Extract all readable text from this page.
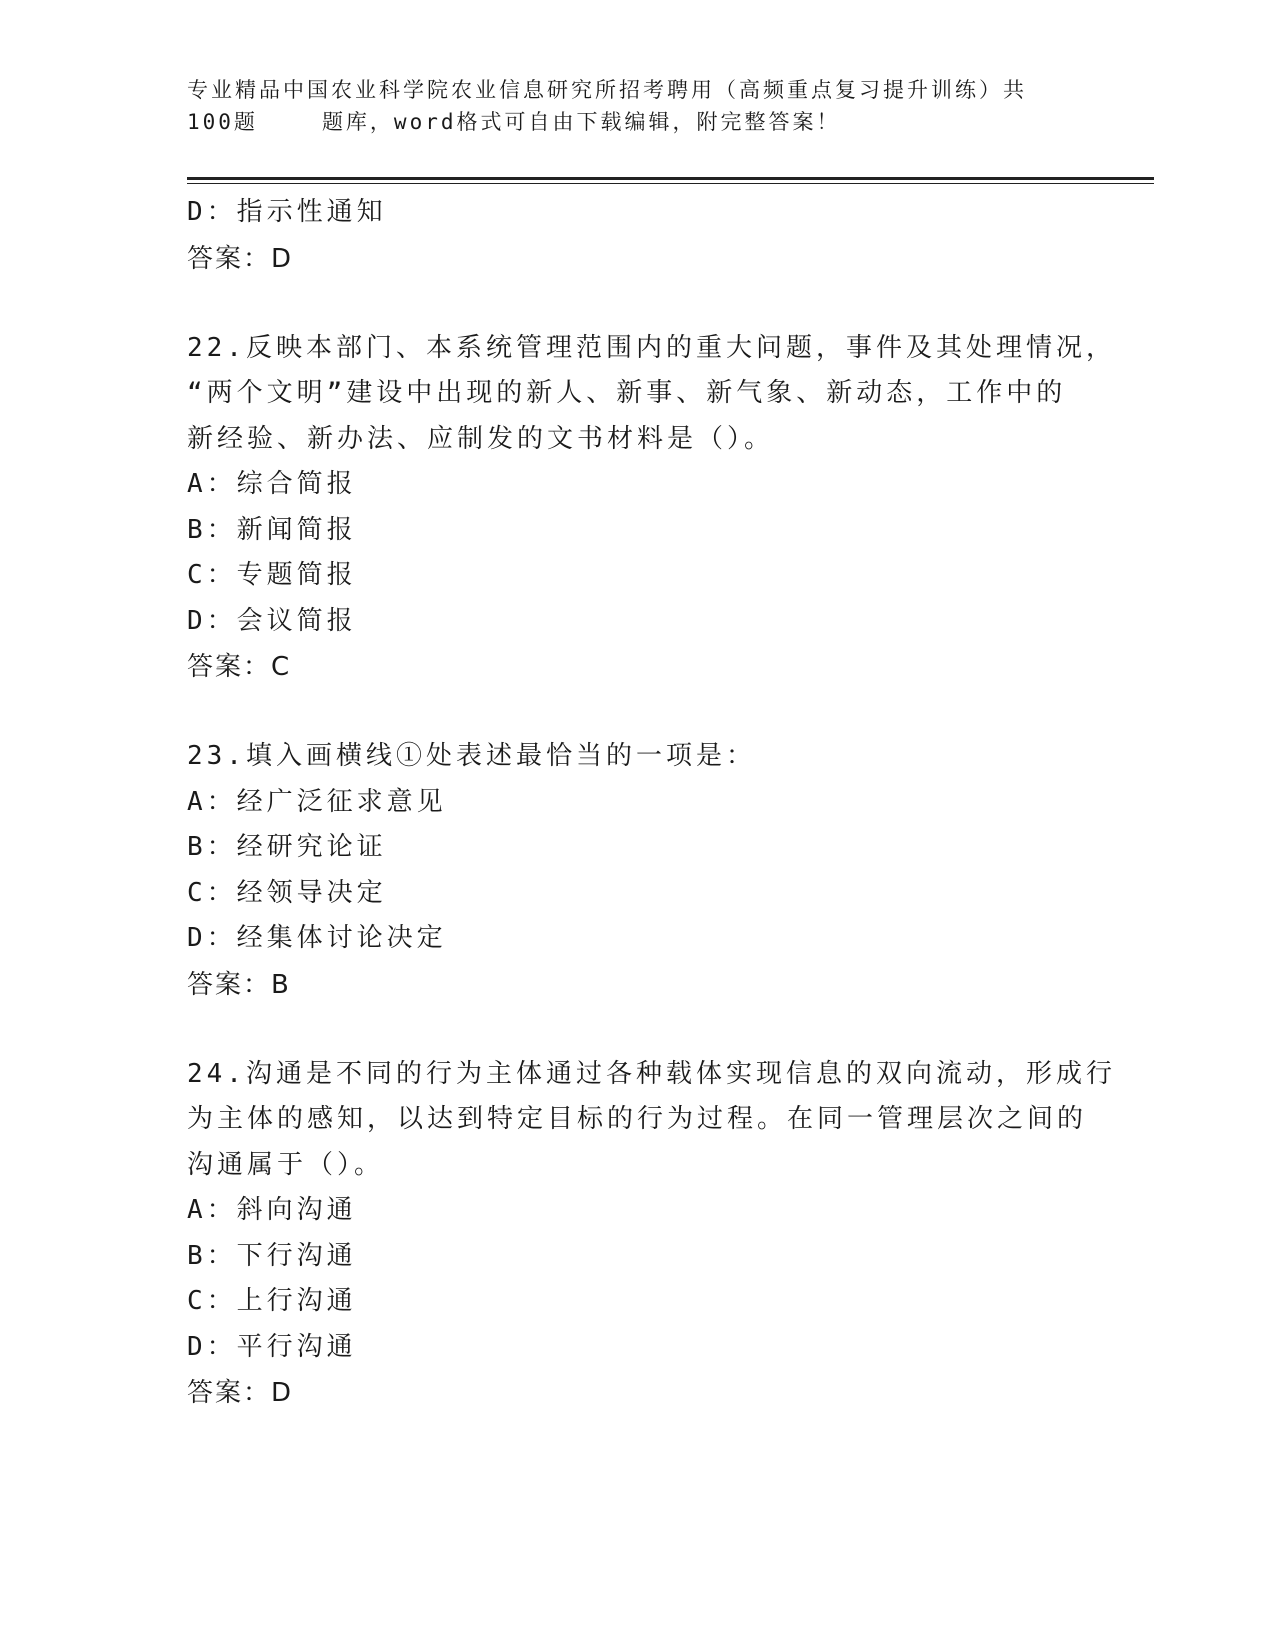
专业精品中国农业科学院农业信息研究所招考聘用（高频重点复习提升训练）共
100题	题库，word格式可自由下载编辑，附完整答案！
D：指示性通知
答案：D
22.反映本部门、本系统管理范围内的重大问题，事件及其处理情况，
“两个文明”建设中出现的新人、新事、新气象、新动态，工作中的
新经验、新办法、应制发的文书材料是（）。
A：综合简报
B：新闻简报
C：专题简报
D：会议简报
答案：C
23.填入画横线①处表述最恰当的一项是：
A：经广泛征求意见
B：经研究论证
C：经领导决定
D：经集体讨论决定
答案：B
24.沟通是不同的行为主体通过各种载体实现信息的双向流动，形成行
为主体的感知，以达到特定目标的行为过程。在同一管理层次之间的
沟通属于（）。
A：斜向沟通
B：下行沟通
C：上行沟通
D：平行沟通
答案：D
